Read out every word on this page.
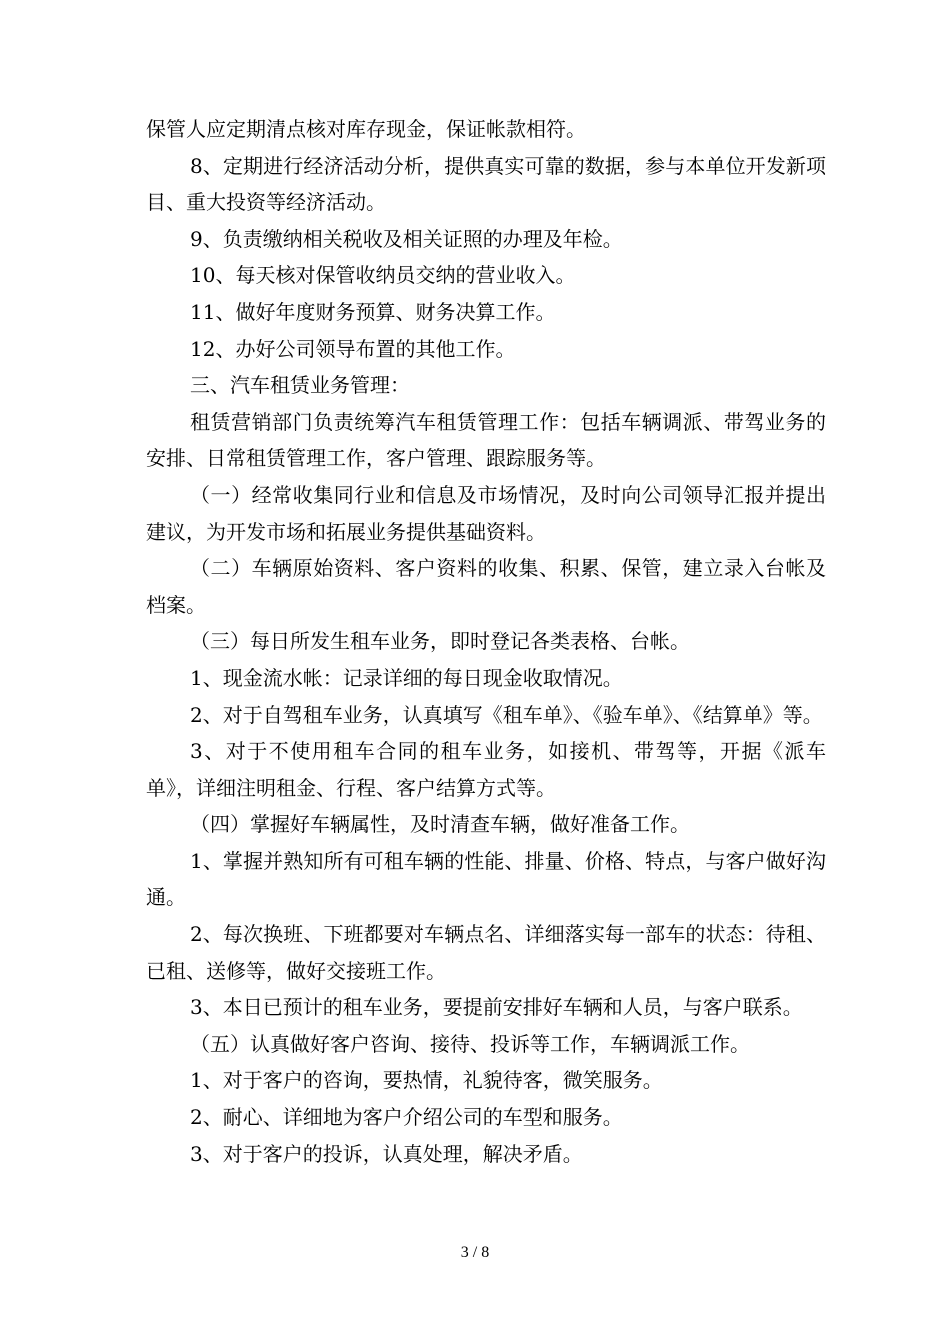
保管人应定期清点核对库存现金，保证帐款相符。

8、定期进行经济活动分析，提供真实可靠的数据，参与本单位开发新项目、重大投资等经济活动。

9、负责缴纳相关税收及相关证照的办理及年检。

10、每天核对保管收纳员交纳的营业收入。

11、做好年度财务预算、财务决算工作。

12、办好公司领导布置的其他工作。

三、汽车租赁业务管理：

租赁营销部门负责统筹汽车租赁管理工作：包括车辆调派、带驾业务的安排、日常租赁管理工作，客户管理、跟踪服务等。

（一）经常收集同行业和信息及市场情况，及时向公司领导汇报并提出建议，为开发市场和拓展业务提供基础资料。

（二）车辆原始资料、客户资料的收集、积累、保管，建立录入台帐及档案。

（三）每日所发生租车业务，即时登记各类表格、台帐。

1、现金流水帐：记录详细的每日现金收取情况。

2、对于自驾租车业务，认真填写《租车单》、《验车单》、《结算单》等。

3、对于不使用租车合同的租车业务，如接机、带驾等，开据《派车单》，详细注明租金、行程、客户结算方式等。

（四）掌握好车辆属性，及时清查车辆，做好准备工作。

1、掌握并熟知所有可租车辆的性能、排量、价格、特点，与客户做好沟通。

2、每次换班、下班都要对车辆点名、详细落实每一部车的状态：待租、已租、送修等，做好交接班工作。

3、本日已预计的租车业务，要提前安排好车辆和人员，与客户联系。

（五）认真做好客户咨询、接待、投诉等工作，车辆调派工作。

1、对于客户的咨询，要热情，礼貌待客，微笑服务。

2、耐心、详细地为客户介绍公司的车型和服务。

3、对于客户的投诉，认真处理，解决矛盾。

3 / 8
